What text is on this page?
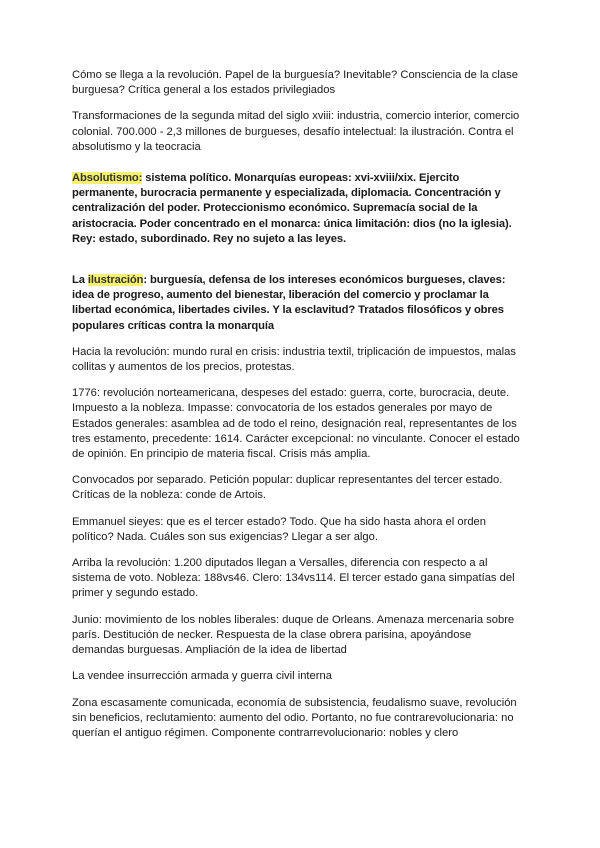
Cómo se llega a la revolución. Papel de la burguesía? Inevitable? Consciencia de la clase burguesa? Crítica general a los estados privilegiados

Transformaciones de la segunda mitad del siglo xviii: industria, comercio interior, comercio colonial. 700.000 - 2,3 millones de burgueses, desafío intelectual: la ilustración. Contra el absolutismo y la teocracia

Absolutismo: sistema político. Monarquías europeas: xvi-xviii/xix. Ejercito permanente, burocracia permanente y especializada, diplomacia. Concentración y centralización del poder. Proteccionismo económico. Supremacía social de la aristocracia. Poder concentrado en el monarca: única limitación: dios (no la iglesia). Rey: estado, subordinado. Rey no sujeto a las leyes.

La ilustración: burguesía, defensa de los intereses económicos burgueses, claves: idea de progreso, aumento del bienestar, liberación del comercio y proclamar la libertad económica, libertades civiles. Y la esclavitud? Tratados filosóficos y obres populares críticas contra la monarquía

Hacia la revolución: mundo rural en crisis: industria textil, triplicación de impuestos, malas collitas y aumentos de los precios, protestas.

1776: revolución norteamericana, despeses del estado: guerra, corte, burocracia, deute. Impuesto a la nobleza. Impasse: convocatoria de los estados generales por mayo de Estados generales: asamblea ad de todo el reino, designación real, representantes de los tres estamento, precedente: 1614. Carácter excepcional: no vinculante. Conocer el estado de opinión. En principio de materia fiscal. Crisis más amplia.

Convocados por separado. Petición popular: duplicar representantes del tercer estado. Críticas de la nobleza: conde de Artois.

Emmanuel sieyes: que es el tercer estado? Todo. Que ha sido hasta ahora el orden político? Nada. Cuáles son sus exigencias? Llegar a ser algo.

Arriba la revolución: 1.200 diputados llegan a Versalles, diferencia con respecto a al sistema de voto. Nobleza: 188vs46. Clero: 134vs114. El tercer estado gana simpatías del primer y segundo estado.

Junio: movimiento de los nobles liberales: duque de Orleans. Amenaza mercenaria sobre parís. Destitución de necker. Respuesta de la clase obrera parisina, apoyándose demandas burguesas. Ampliación de la idea de libertad

La vendee insurrección armada y guerra civil interna

Zona escasamente comunicada, economía de subsistencia, feudalismo suave, revolución sin beneficios, reclutamiento: aumento del odio. Portanto, no fue contrarevolucionaria: no querían el antiguo régimen. Componente contrarrevolucionario: nobles y clero
